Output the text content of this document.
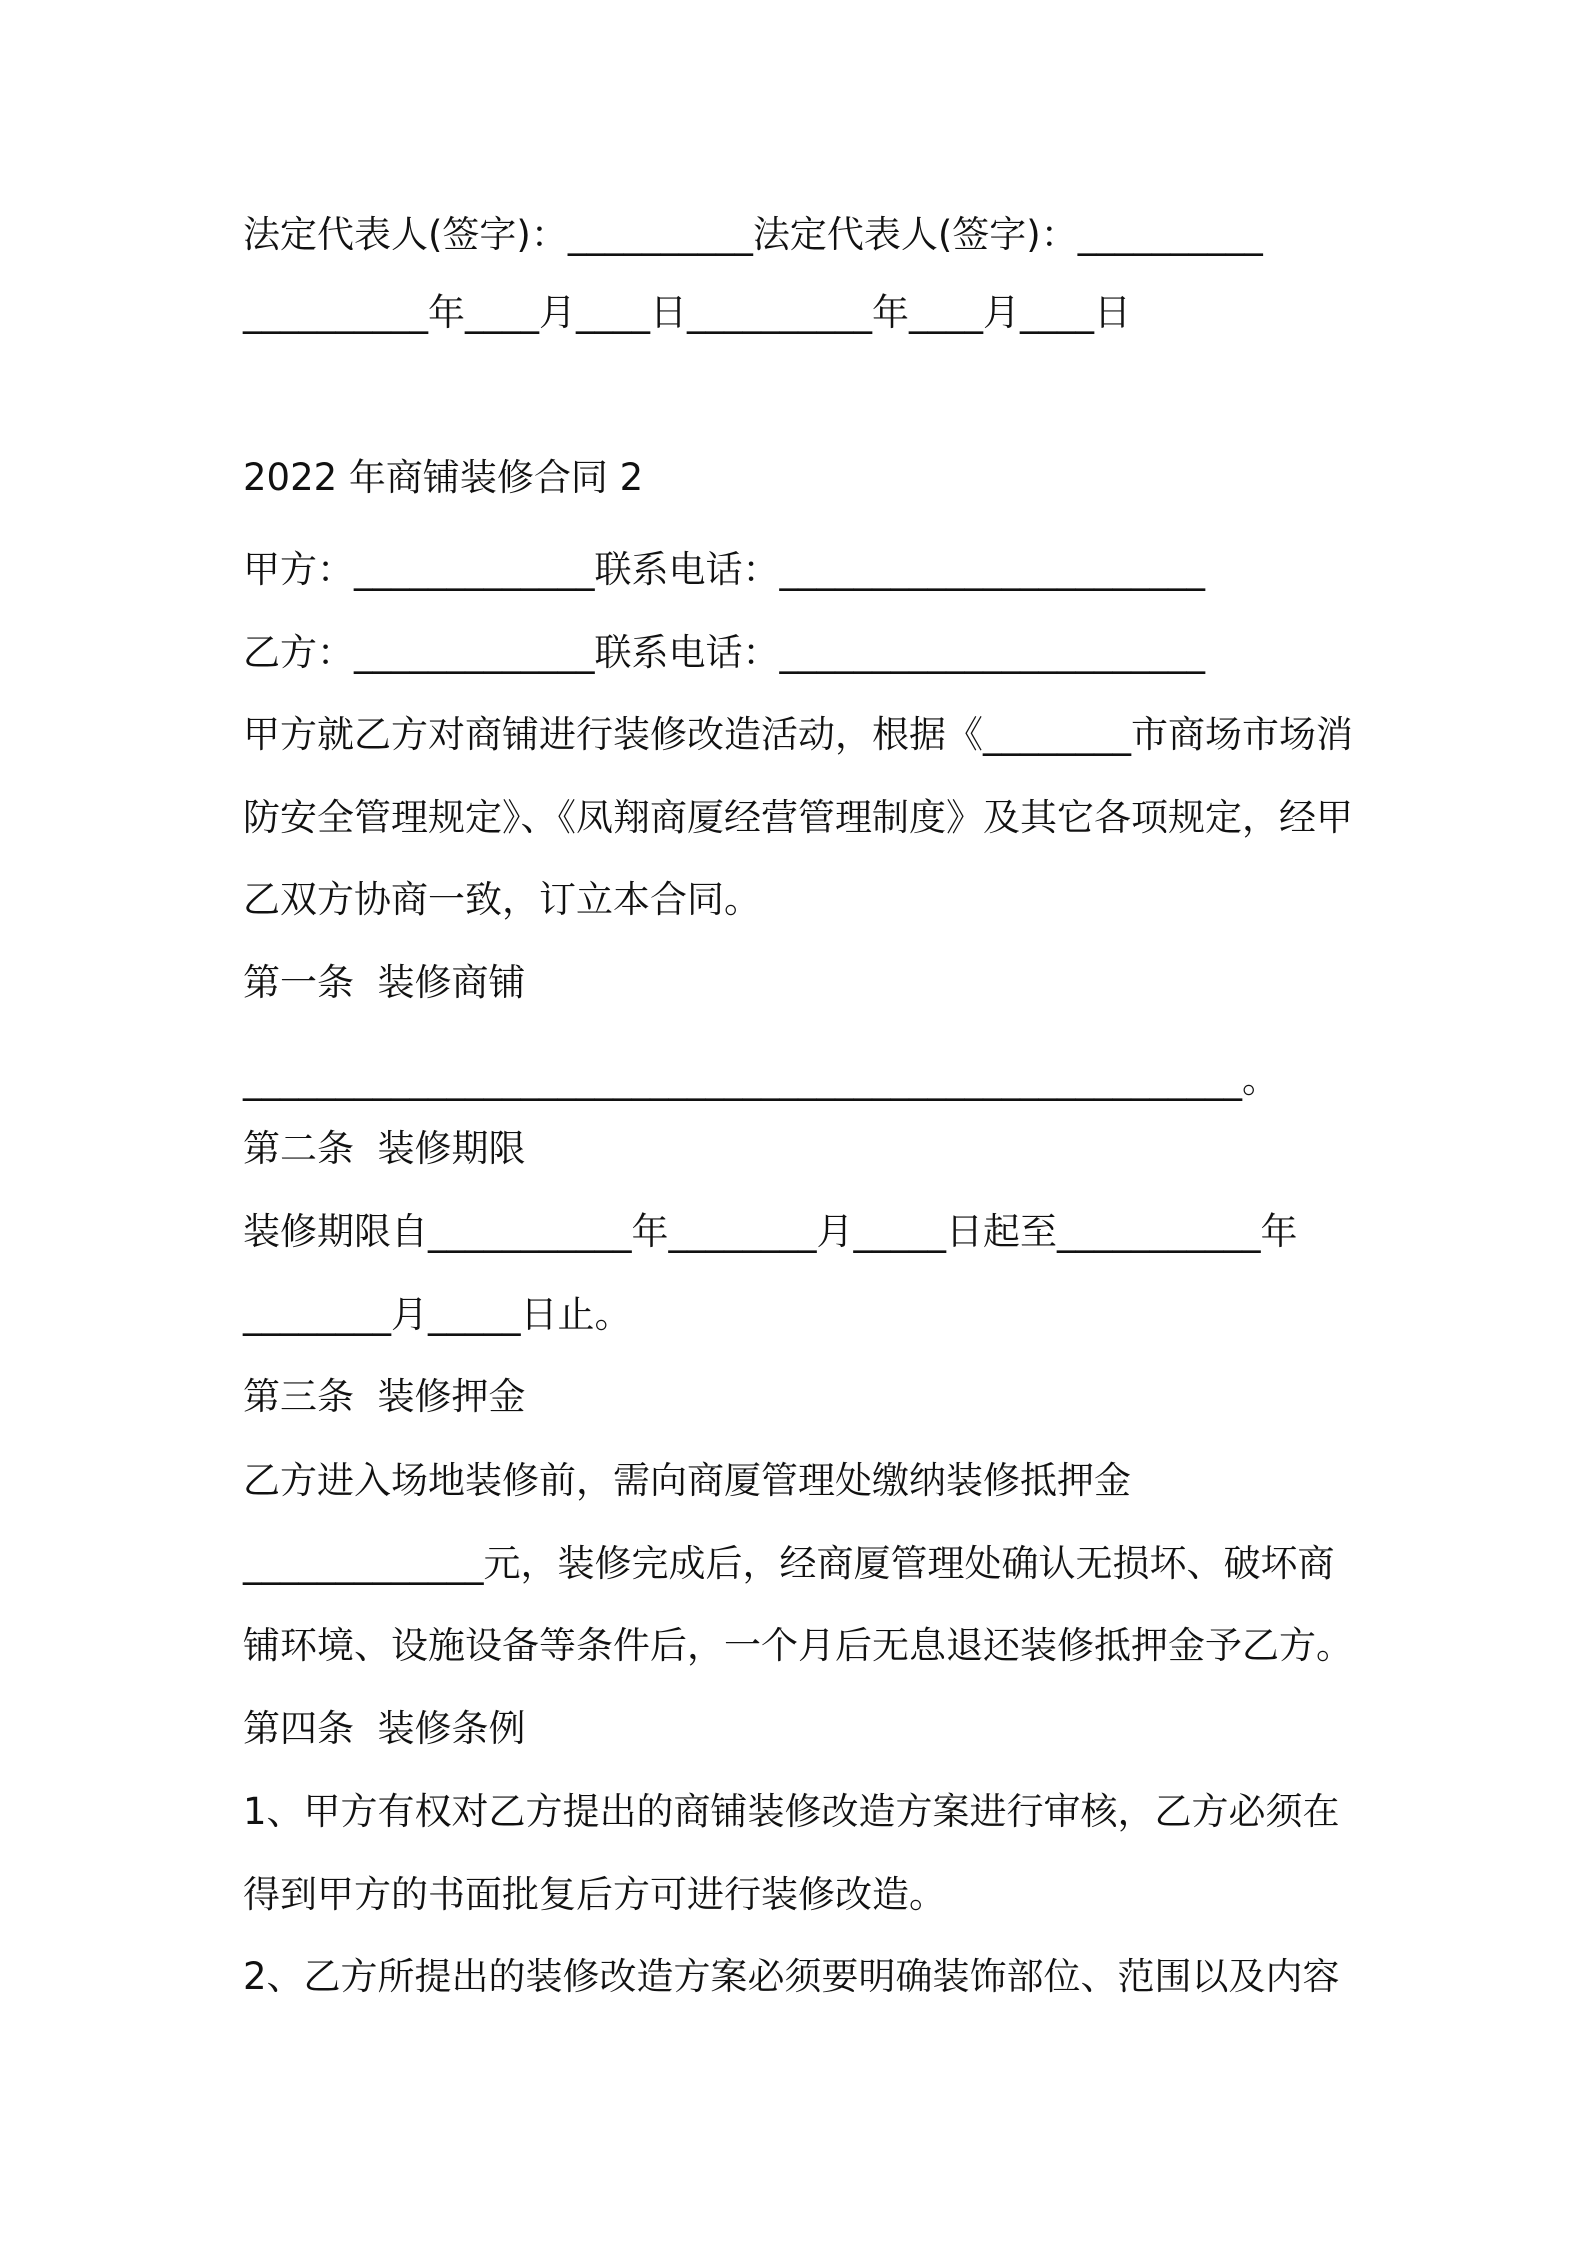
法定代表人(签字)：__________法定代表人(签字)：__________
__________年____月____日__________年____月____日
2022 年商铺装修合同 2
甲方：_____________联系电话：_______________________
乙方：_____________联系电话：_______________________
甲方就乙方对商铺进行装修改造活动，根据《________市商场市场消
防安全管理规定》、《凤翔商厦经营管理制度》及其它各项规定，经甲
乙双方协商一致，订立本合同。
第一条  装修商铺
______________________________________________________。
第二条  装修期限
装修期限自___________年________月_____日起至___________年
________月_____日止。
第三条  装修押金
乙方进入场地装修前，需向商厦管理处缴纳装修抵押金
_____________元，装修完成后，经商厦管理处确认无损坏、破坏商
铺环境、设施设备等条件后，一个月后无息退还装修抵押金予乙方。
第四条  装修条例
1、甲方有权对乙方提出的商铺装修改造方案进行审核，乙方必须在
得到甲方的书面批复后方可进行装修改造。
2、乙方所提出的装修改造方案必须要明确装饰部位、范围以及内容
